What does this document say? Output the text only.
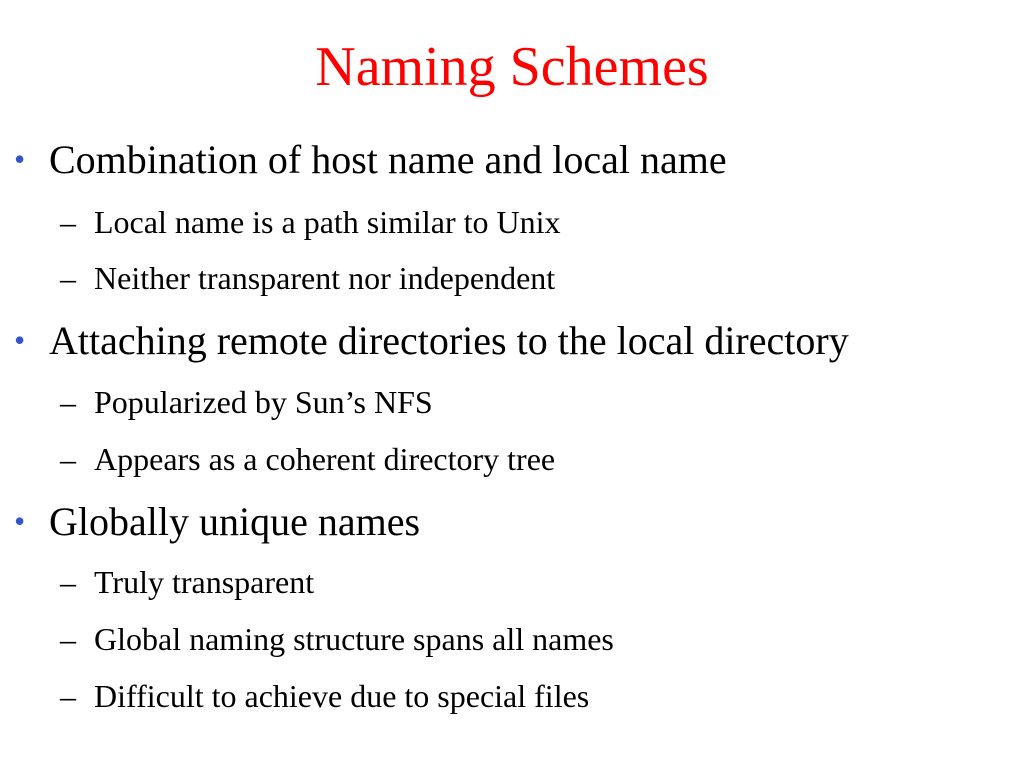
Naming Schemes
• Combination of host name and local name
– Local name is a path similar to Unix
– Neither transparent nor independent
• Attaching remote directories to the local directory
– Popularized by Sun’s NFS
– Appears as a coherent directory tree
• Globally unique names
– Truly transparent
– Global naming structure spans all names
– Difficult to achieve due to special files
